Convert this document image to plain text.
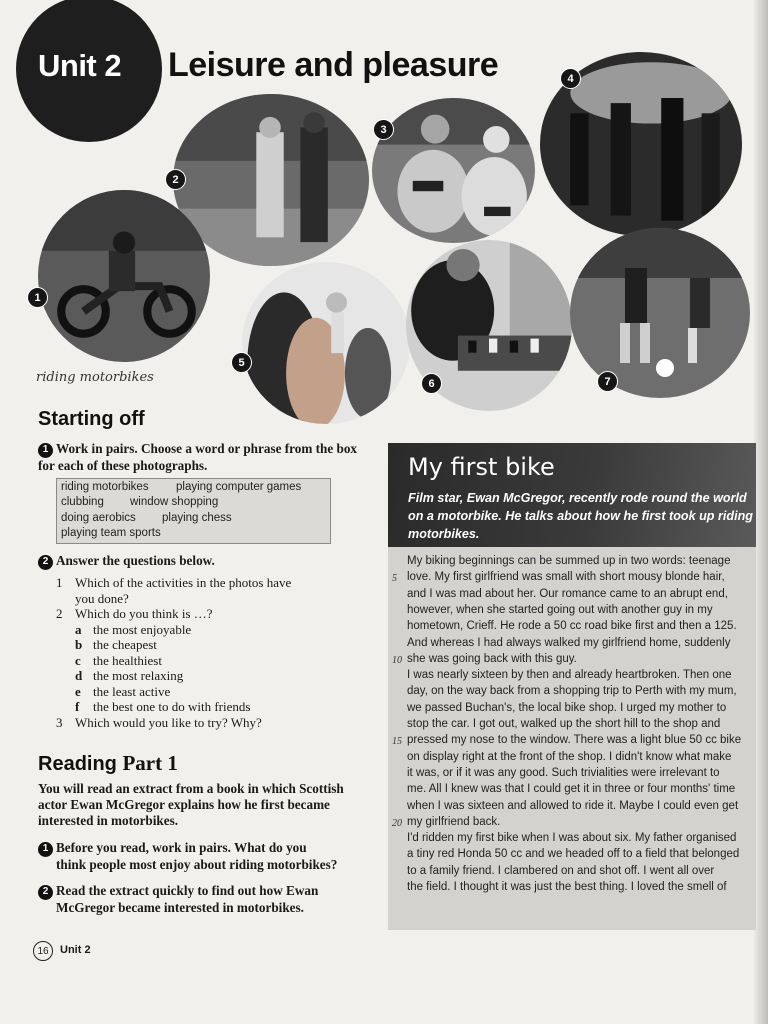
Unit 2 Leisure and pleasure
1
2
3
4
5
6	7
riding motorbikes
Starting off
1 Work in pairs. Choose a word or phrase from the box for each of these photographs.
riding motorbikes playing computer games
clubbing window shopping
doing aerobics playing chess
playing team sports
2 Answer the questions below.
1 Which of the activities in the photos have
you done?
2 Which do you think is …?
a the most enjoyable
b the cheapest
c the healthiest
d the most relaxing
e the least active
f the best one to do with friends
3 Which would you like to try? Why?
Reading Part 1
You will read an extract from a book in which Scottish actor Ewan McGregor explains how he first became interested in motorbikes.
1 Before you read, work in pairs. What do you
think people most enjoy about riding motorbikes?
2 Read the extract quickly to find out how Ewan
McGregor became interested in motorbikes.
16	Unit 2
My first bike
Film star, Ewan McGregor, recently rode round the world on a motorbike. He talks about how he first took up riding motorbikes.
My biking beginnings can be summed up in two words: teenage
5 love. My first girlfriend was small with short mousy blonde hair,
and I was mad about her. Our romance came to an abrupt end,
however, when she started going out with another guy in my
hometown, Crieff. He rode a 50 cc road bike first and then a 125.
And whereas I had always walked my girlfriend home, suddenly
10 she was going back with this guy.
I was nearly sixteen by then and already heartbroken. Then one
day, on the way back from a shopping trip to Perth with my mum,
we passed Buchan's, the local bike shop. I urged my mother to
stop the car. I got out, walked up the short hill to the shop and
15 pressed my nose to the window. There was a light blue 50 cc bike
on display right at the front of the shop. I didn't know what make
it was, or if it was any good. Such trivialities were irrelevant to
me. All I knew was that I could get it in three or four months' time
when I was sixteen and allowed to ride it. Maybe I could even get
20 my girlfriend back.
I'd ridden my first bike when I was about six. My father organised
a tiny red Honda 50 cc and we headed off to a field that belonged
to a family friend. I clambered on and shot off. I went all over
the field. I thought it was just the best thing. I loved the smell of
